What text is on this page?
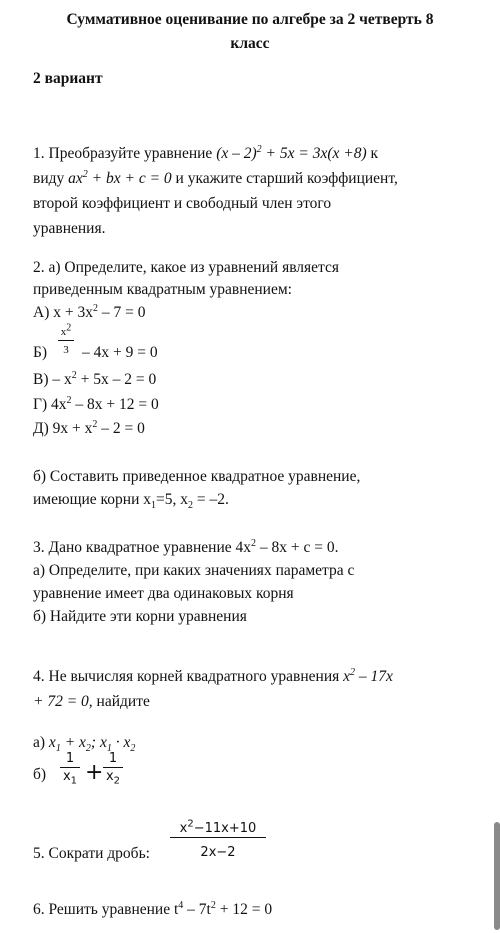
Суммативное оценивание по алгебре за 2 четверть 8
класс
2 вариант
1. Преобразуйте уравнение (x – 2)$^2$ + 5x = 3x(x +8) к
виду $ax^2$ + bx + c = 0 и укажите старший коэффициент,
второй коэффициент и свободный член этого
уравнения.
2. а) Определите, какое из уравнений является
приведенным квадратным уравнением:
А) $x + 3x^2 - 7 = 0$
Б)
$x^2$
3 – 4x + 9 = 0
$В) - x^2 + 5x - 2 = 0$
Г) $4x^2 - 8x + 12 = 0$
Д) $9x + x^2 - 2 = 0$
б) Составить приведенное квадратное уравнение,
имеющие корни $x_1=5$, $x_2 = -2$.
3. Дано квадратное уравнение $4x^2 - 8x + c = 0$.
а) Определите, при каких значениях параметра с
уравнение имеет два одинаковых корня
б) Найдите эти корни уравнения
4. Не вычисляя корней квадратного уравнения $x^2 - 17x$
+ 72 = 0, найдите
а) $x_1 + x_2$; $x_1 \cdot x_2$
б)
1
$x_1$ +
1
$x_2$
5. Сократи дробь:
$x^2-11x+10$
2x−2
6. Решить уравнение $t^4 - 7t^2 + 12 = 0$
